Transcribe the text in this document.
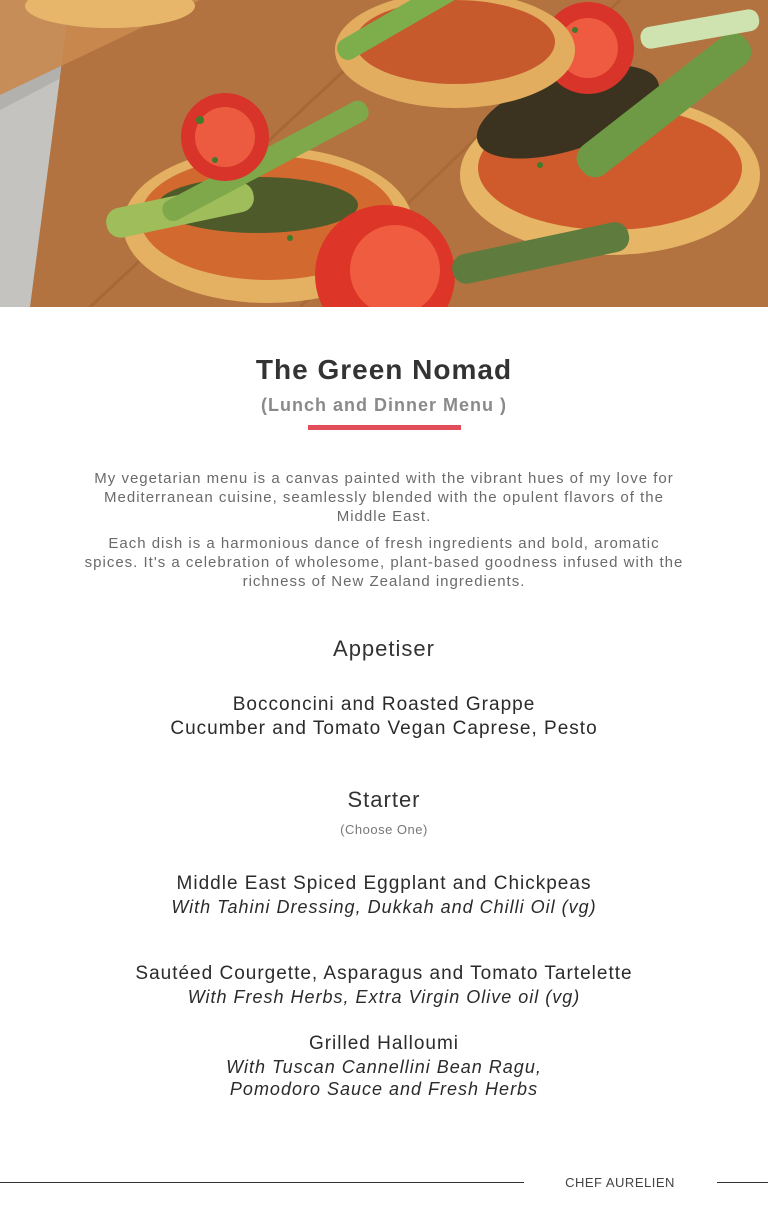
The Green Nomad
(Lunch and Dinner Menu )
My vegetarian menu is a canvas painted with the vibrant hues of my love for Mediterranean cuisine, seamlessly blended with the opulent flavors of the Middle East.
Each dish is a harmonious dance of fresh ingredients and bold, aromatic spices. It's a celebration of wholesome, plant-based goodness infused with the richness of New Zealand ingredients.
Appetiser
Bocconcini and Roasted Grappe
Cucumber and Tomato Vegan Caprese, Pesto
Starter
(Choose One)
Middle East Spiced Eggplant and Chickpeas
With Tahini Dressing, Dukkah and Chilli Oil (vg)
Sautéed Courgette, Asparagus and Tomato Tartelette
With Fresh Herbs, Extra Virgin Olive oil (vg)
Grilled Halloumi
With Tuscan Cannellini Bean Ragu,
Pomodoro Sauce and Fresh Herbs
CHEF AURELIEN
